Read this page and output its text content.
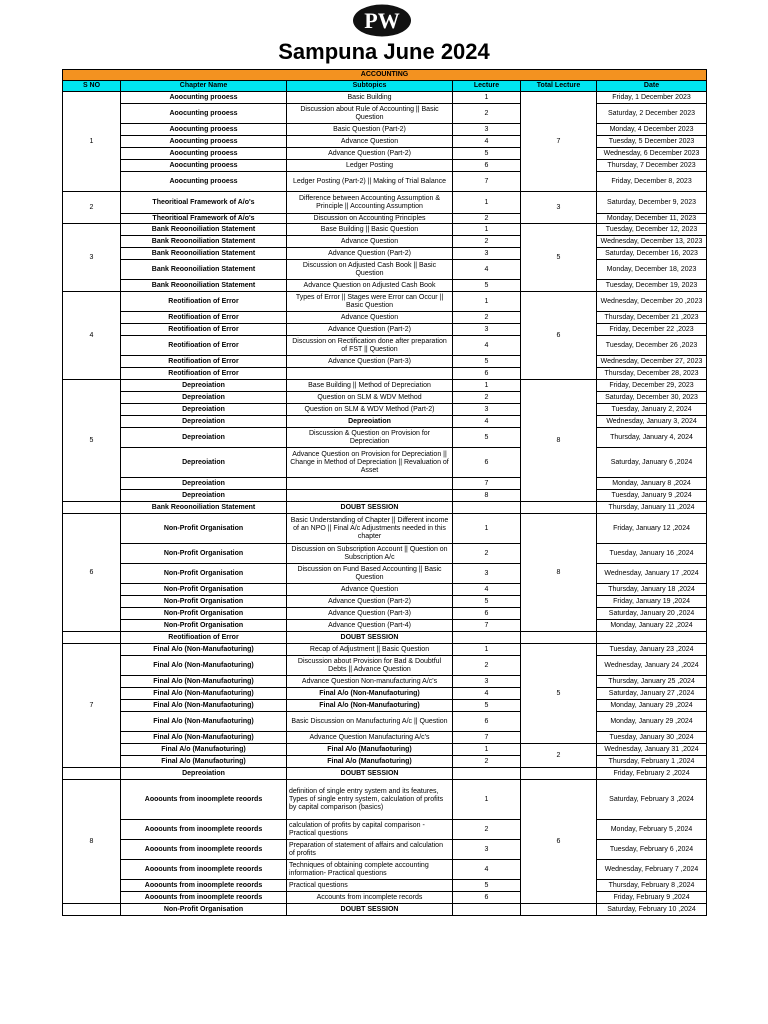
PW
Sampuna June 2024
ACCOUNTING					
S NO	Chapter Name	Subtopics	Lecture	Total Lecture	Date
1	Aoocunting prooess	Basic Building	1	7	Friday, 1 December 2023
	Aoocunting prooess	Discussion about Rule of Accounting || Basic Question	2		Saturday, 2 December 2023
	Aoocunting prooess	Basic Question (Part-2)	3		Monday, 4 December 2023
	Aoocunting prooess	Advance Question	4		Tuesday, 5 December 2023
	Aoocunting prooess	Advance Question (Part-2)	5		Wednesday, 6 December 2023
	Aoocunting prooess	Ledger Posting	6		Thursday, 7 December 2023
	Aoocunting prooess	Ledger Posting (Part-2) || Making of Trial Balance	7		Friday, December 8, 2023
2	Theoritioal Framework of A/o's	Difference between Accounting Assumption & Principle || Accounting Assumption	1	3	Saturday, December 9, 2023
	Theoritioal Framework of A/o's	Discussion on Accounting Principles	2		Monday, December 11, 2023
3	Bank Reoonoiliation Statement	Base Building || Basic Question	1	5	Tuesday, December 12, 2023
	Bank Reoonoiliation Statement	Advance Question	2		Wednesday, December 13, 2023
	Bank Reoonoiliation Statement	Advance Question (Part-2)	3		Saturday, December 16, 2023
	Bank Reoonoiliation Statement	Discussion on Adjusted Cash Book || Basic Question	4		Monday, December 18, 2023
	Bank Reoonoiliation Statement	Advance Question on Adjusted Cash Book	5		Tuesday, December 19, 2023
4	Reotifioation of Error	Types of Error || Stages were Error can Occur || Basic Question	1	6	Wednesday, December 20 ,2023
	Reotifioation of Error	Advance Question	2		Thursday, December 21 ,2023
	Reotifioation of Error	Advance Question (Part-2)	3		Friday, December 22 ,2023
	Reotifioation of Error	Discussion on Rectification done after preparation of FST || Question	4		Tuesday, December 26 ,2023
	Reotifioation of Error	Advance Question (Part-3)	5		Wednesday, December 27, 2023
	Reotifioation of Error		6		Thursday, December 28, 2023
5	Depreoiation	Base Building || Method of Depreciation	1	8	Friday, December 29, 2023
	Depreoiation	Question on SLM & WDV Method	2		Saturday, December 30, 2023
	Depreoiation	Question on SLM & WDV Method (Part-2)	3		Tuesday, January 2, 2024
	Depreoiation	Depreoiation	4		Wednesday, January 3, 2024
	Depreoiation	Discussion & Question on Provision for Depreciation	5		Thursday, January 4, 2024
	Depreoiation	Advance Question on Provision for Depreciation || Change in Method of Depreciation || Revaluation of Asset	6		Saturday, January 6 ,2024
	Depreoiation		7		Monday, January 8 ,2024
	Depreoiation		8		Tuesday, January 9 ,2024
	Bank Reoonoiliation Statement	DOUBT SESSION			Thursday, January 11 ,2024
6	Non-Profit Organisation	Basic Understanding of Chapter || Different income of an NPO || Final A/c Adjustments needed in this chapter	1	8	Friday, January 12 ,2024
	Non-Profit Organisation	Discussion on Subscription Account || Question on Subscription A/c	2		Tuesday, January 16 ,2024
	Non-Profit Organisation	Discussion on Fund Based Accounting || Basic Question	3		Wednesday, January 17 ,2024
	Non-Profit Organisation	Advance Question	4		Thursday, January 18 ,2024
	Non-Profit Organisation	Advance Question (Part-2)	5		Friday, January 19 ,2024
	Non-Profit Organisation	Advance Question (Part-3)	6		Saturday, January 20 ,2024
	Non-Profit Organisation	Advance Question (Part-4)	7		Monday, January 22 ,2024
	Reotifioation of Error	DOUBT SESSION			
7	Final A/o (Non-Manufaoturing)	Recap of Adjustment || Basic Question	1	5	Tuesday, January 23 ,2024
	Final A/o (Non-Manufaoturing)	Discussion about Provision for Bad & Doubtful Debts || Advance Question	2		Wednesday, January 24 ,2024
	Final A/o (Non-Manufaoturing)	Advance Question Non-manufacturing A/c's	3		Thursday, January 25 ,2024
	Final A/o (Non-Manufaoturing)	Final A/o (Non-Manufaoturing)	4		Saturday, January 27 ,2024
	Final A/o (Non-Manufaoturing)	Final A/o (Non-Manufaoturing)	5		Monday, January 29 ,2024
	Final A/o (Non-Manufaoturing)	Basic Discussion on Manufacturing A/c || Question	6		Monday, January 29 ,2024
	Final A/o (Non-Manufaoturing)	Advance Question Manufacturing A/c's	7		Tuesday, January 30 ,2024
	Final A/o (Manufaoturing)	Final A/o (Manufaoturing)	1	2	Wednesday, January 31 ,2024
	Final A/o (Manufaoturing)	Final A/o (Manufaoturing)	2		Thursday, February 1 ,2024
	Depreoiation	DOUBT SESSION			Friday, February 2 ,2024
8	Aooounts from inoomplete reoords	definition of single entry system and its features, Types of single entry system, calculation of profits by capital comparison (basics)	1	6	Saturday, February 3 ,2024
	Aooounts from inoomplete reoords	calculation of profits by capital comparison - Practical questions	2		Monday, February 5 ,2024
	Aooounts from inoomplete reoords	Preparation of statement of affairs and calculation of profits	3		Tuesday, February 6 ,2024
	Aooounts from inoomplete reoords	Techniques of obtaining complete accounting information- Practical questions	4		Wednesday, February 7 ,2024
	Aooounts from inoomplete reoords	Practical questions	5		Thursday, February 8 ,2024
	Aooounts from inoomplete reoords	Accounts from incomplete records	6		Friday, February 9 ,2024
	Non-Profit Organisation	DOUBT SESSION			Saturday, February 10 ,2024
